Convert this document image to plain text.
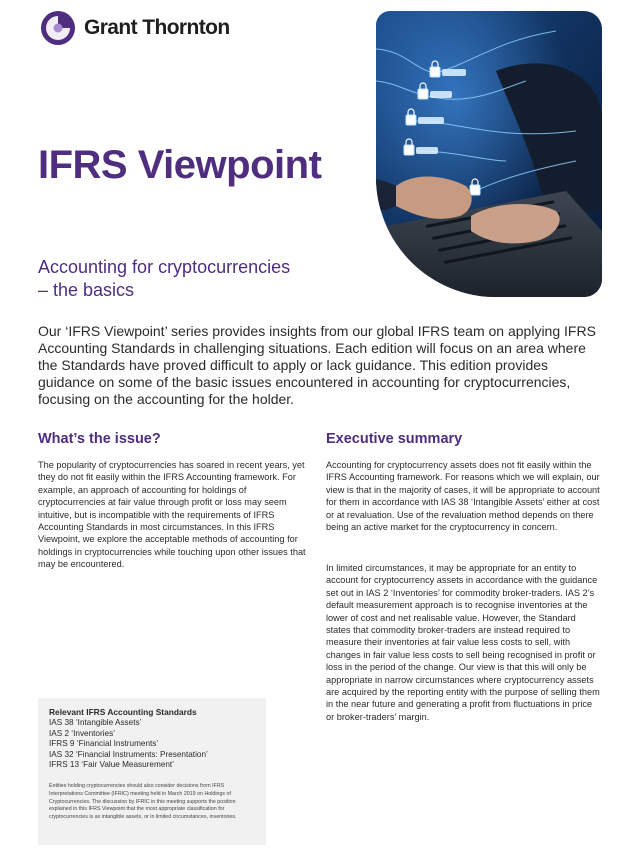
Grant Thornton
IFRS Viewpoint
Accounting for cryptocurrencies
– the basics

Our ‘IFRS Viewpoint’ series provides insights from our global IFRS team on applying IFRS Accounting Standards in challenging situations. Each edition will focus on an area where the Standards have proved difficult to apply or lack guidance. This edition provides guidance on some of the basic issues encountered in accounting for cryptocurrencies, focusing on the accounting for the holder.

What’s the issue?

The popularity of cryptocurrencies has soared in recent years, yet they do not fit easily within the IFRS Accounting framework. For example, an approach of accounting for holdings of cryptocurrencies at fair value through profit or loss may seem intuitive, but is incompatible with the requirements of IFRS Accounting Standards in most circumstances. In this IFRS Viewpoint, we explore the acceptable methods of accounting for holdings in cryptocurrencies while touching upon other issues that may be encountered.

Executive summary

Accounting for cryptocurrency assets does not fit easily within the IFRS Accounting framework. For reasons which we will explain, our view is that in the majority of cases, it will be appropriate to account for them in accordance with IAS 38 ‘Intangible Assets’ either at cost or at revaluation. Use of the revaluation method depends on there being an active market for the cryptocurrency in concern.

In limited circumstances, it may be appropriate for an entity to account for cryptocurrency assets in accordance with the guidance set out in IAS 2 ‘Inventories’ for commodity broker-traders. IAS 2’s default measurement approach is to recognise inventories at the lower of cost and net realisable value. However, the Standard states that commodity broker-traders are instead required to measure their inventories at fair value less costs to sell, with changes in fair value less costs to sell being recognised in profit or loss in the period of the change. Our view is that this will only be appropriate in narrow circumstances where cryptocurrency assets are acquired by the reporting entity with the purpose of selling them in the near future and generating a profit from fluctuations in price or broker-traders’ margin.

Relevant IFRS Accounting Standards

IAS 38 ‘Intangible Assets’
IAS 2 ‘Inventories’
IFRS 9 ‘Financial Instruments’
IAS 32 ‘Financial Instruments: Presentation’
IFRS 13 ‘Fair Value Measurement’

Entities holding cryptocurrencies should also consider decisions from IFRS Interpretations Committee (IFRIC) meeting held in March 2019 on Holdings of Cryptocurrencies. The discussion by IFRIC in this meeting supports the position explained in this IFRS Viewpoint that the most appropriate classification for cryptocurrencies is as intangible assets, or in limited circumstances, inventories.
